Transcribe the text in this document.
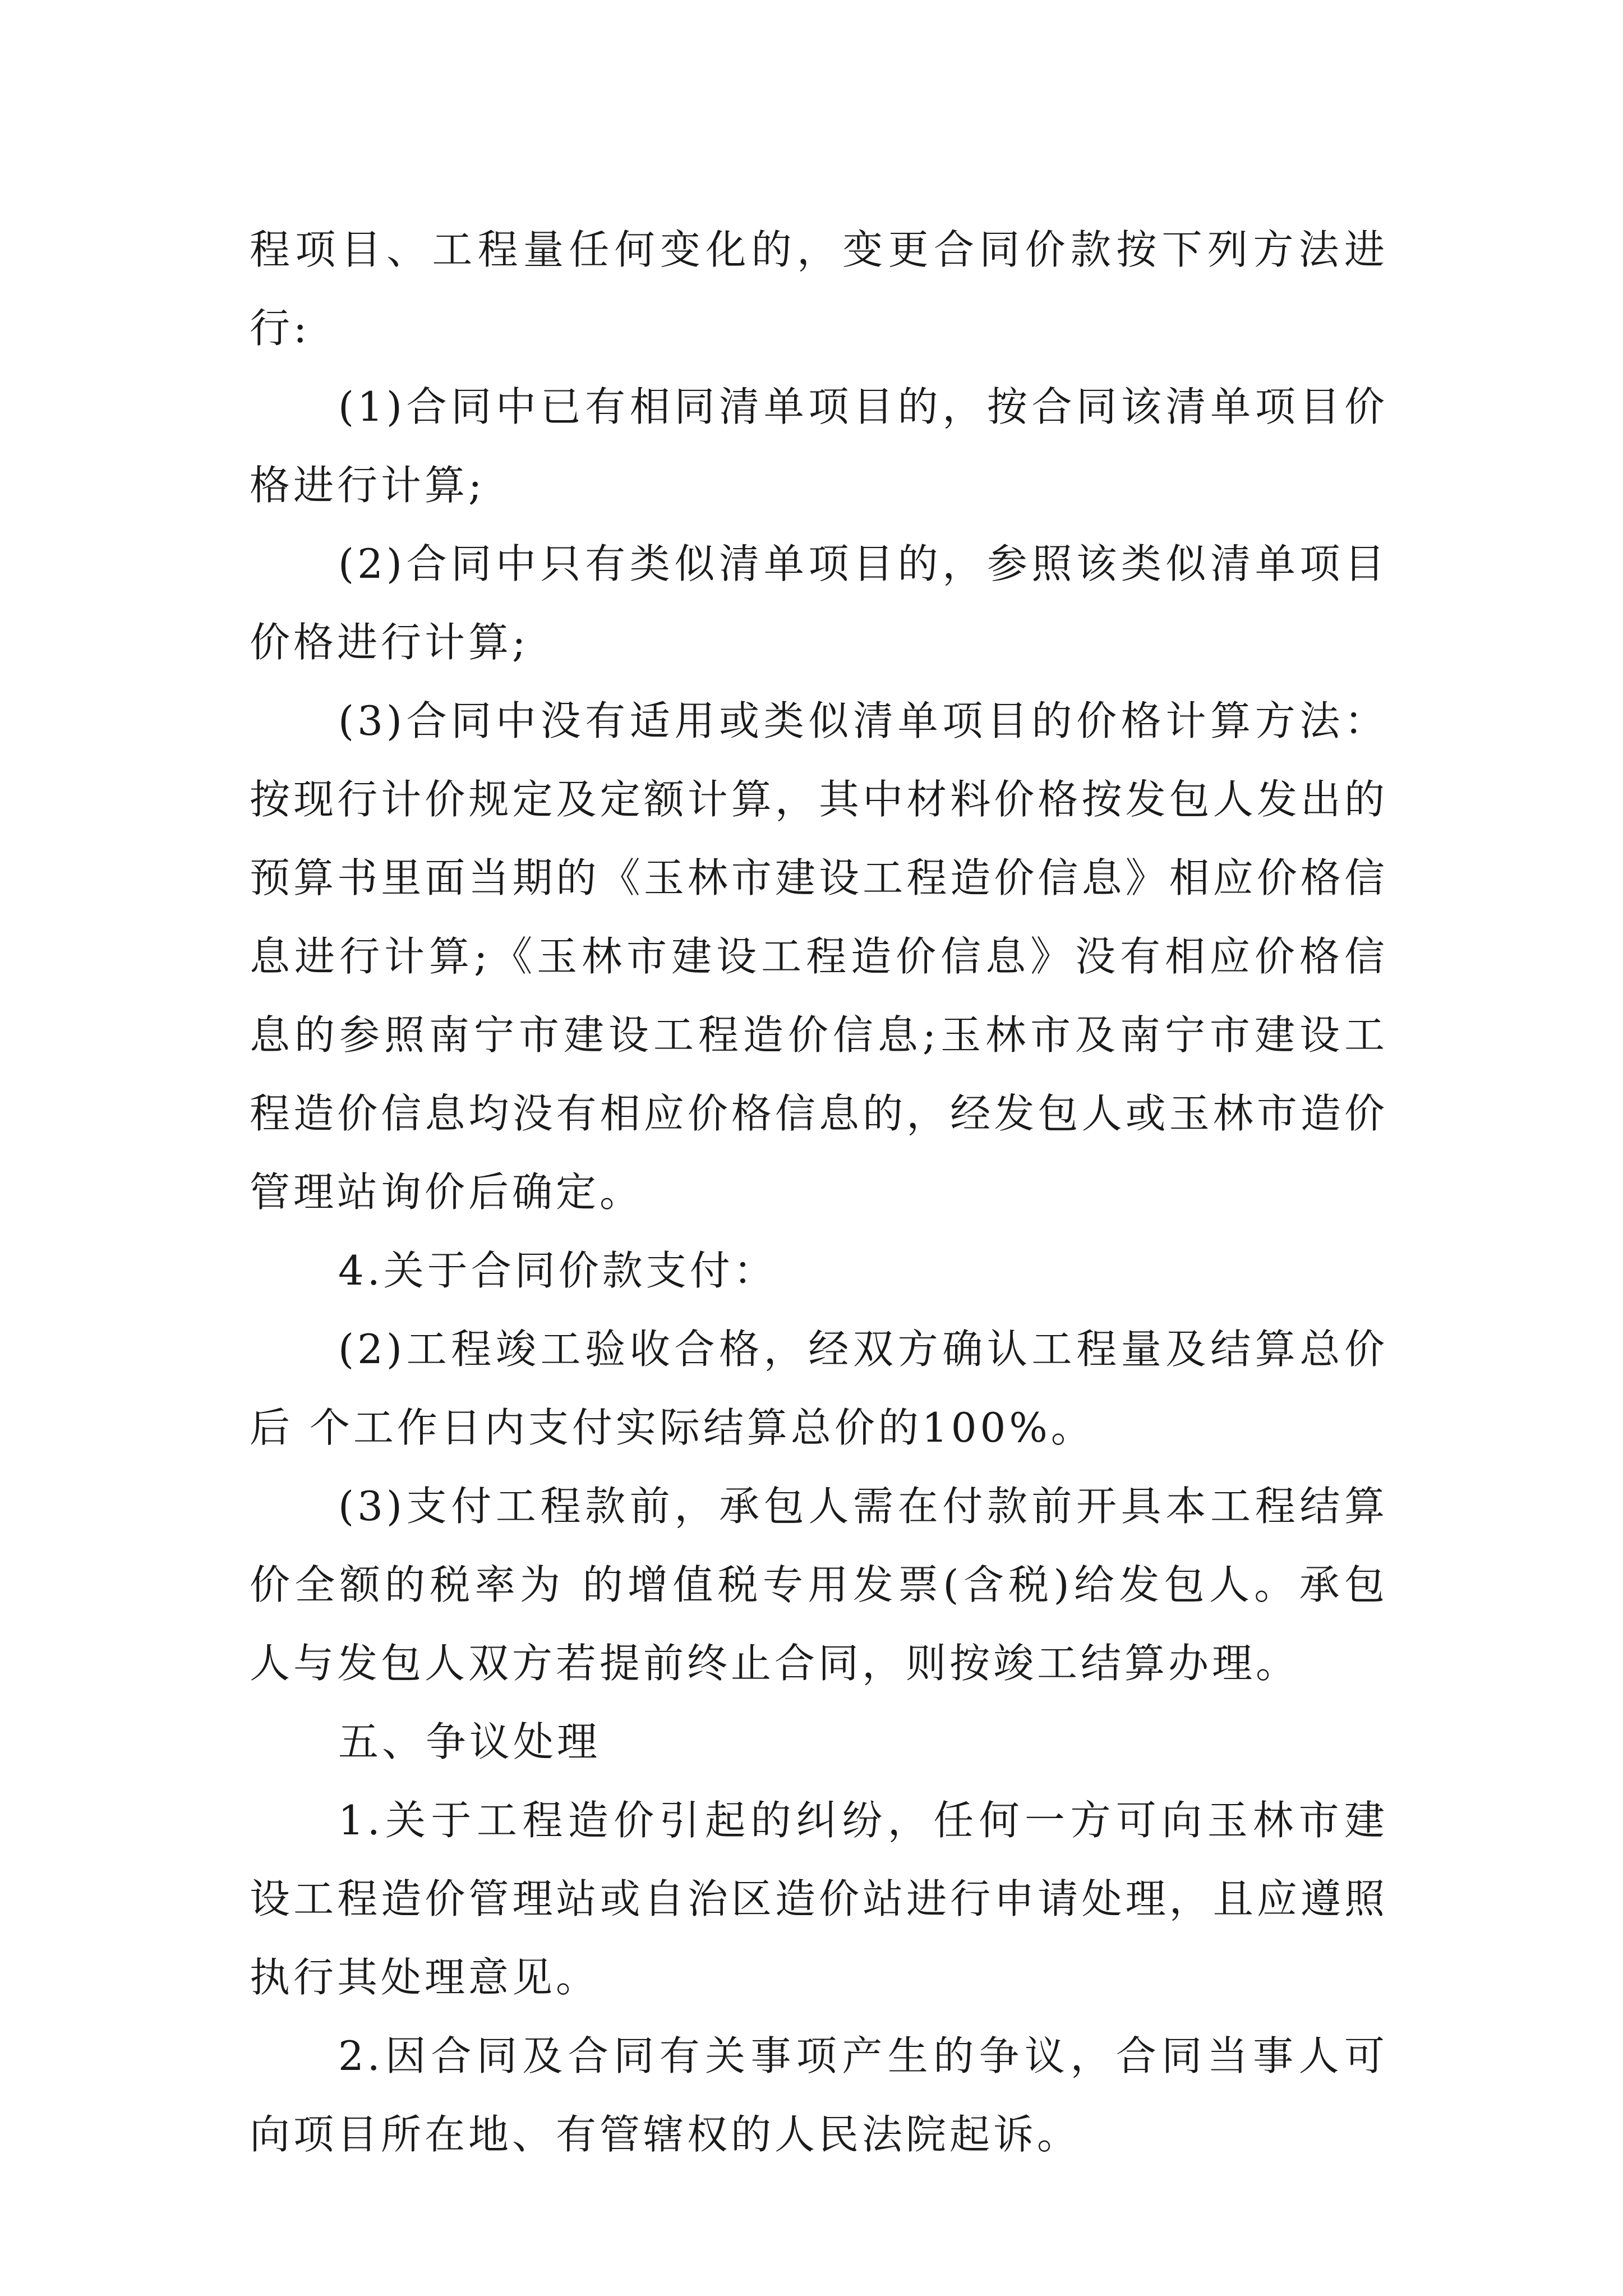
程项目、工程量任何变化的，变更合同价款按下列方法进行:

(1)合同中已有相同清单项目的，按合同该清单项目价格进行计算;

(2)合同中只有类似清单项目的，参照该类似清单项目价格进行计算;

(3)合同中没有适用或类似清单项目的价格计算方法：按现行计价规定及定额计算，其中材料价格按发包人发出的预算书里面当期的《玉林市建设工程造价信息》相应价格信息进行计算;《玉林市建设工程造价信息》没有相应价格信息的参照南宁市建设工程造价信息;玉林市及南宁市建设工程造价信息均没有相应价格信息的，经发包人或玉林市造价管理站询价后确定。

4.关于合同价款支付：

(2)工程竣工验收合格，经双方确认工程量及结算总价后 个工作日内支付实际结算总价的100%。

(3)支付工程款前，承包人需在付款前开具本工程结算价全额的税率为 的增值税专用发票(含税)给发包人。承包人与发包人双方若提前终止合同，则按竣工结算办理。

五、争议处理

1.关于工程造价引起的纠纷，任何一方可向玉林市建设工程造价管理站或自治区造价站进行申请处理，且应遵照执行其处理意见。

2.因合同及合同有关事项产生的争议，合同当事人可向项目所在地、有管辖权的人民法院起诉。
